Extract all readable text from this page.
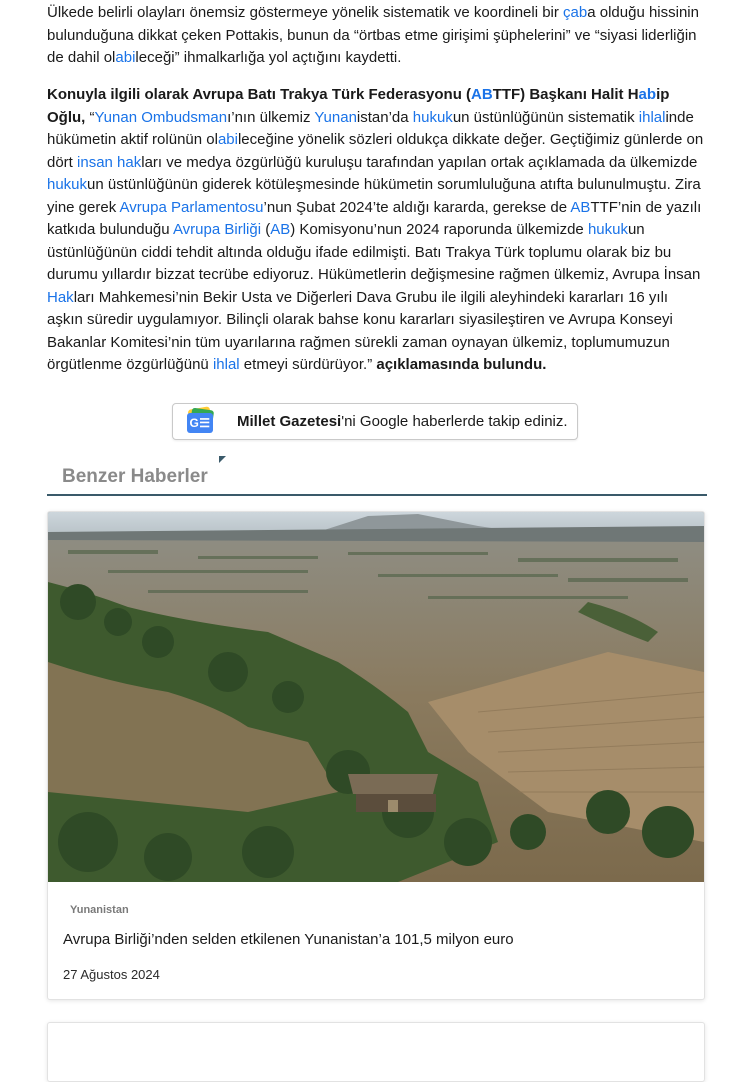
Ülkede belirli olayları önemsiz göstermeye yönelik sistematik ve koordineli bir çaba olduğu hissinin bulunduğuna dikkat çeken Pottakis, bunun da “örtbas etme girişimi şüphelerini” ve “siyasi liderliğin de dahil olabileceği” ihmalkarlığa yol açtığını kaydetti.

Konuyla ilgili olarak Avrupa Batı Trakya Türk Federasyonu (ABTTF) Başkanı Halit Habip Oğlu, “Yunan Ombudsmanı’nın ülkemiz Yunanistan’da hukukun üstünlüğünün sistematik ihlalinde hükümetin aktif rolünün olabileceğine yönelik sözleri oldukça dikkate değer. Geçtiğimiz günlerde on dört insan hakları ve medya özgürlüğü kuruluşu tarafından yapılan ortak açıklamada da ülkemizde hukukun üstünlüğünün giderek kötüleşmesinde hükümetin sorumluluğuna atıfta bulunulmuştu. Zira yine gerek Avrupa Parlamentosu’nun Şubat 2024’te aldığı kararda, gerekse de ABTTF’nin de yazılı katkıda bulunduğu Avrupa Birliği (AB) Komisyonu’nun 2024 raporunda ülkemizde hukukun üstünlüğünün ciddi tehdit altında olduğu ifade edilmişti. Batı Trakya Türk toplumu olarak biz bu durumu yıllardır bizzat tecrübe ediyoruz. Hükümetlerin değişmesine rağmen ülkemiz, Avrupa İnsan Hakları Mahkemesi’nin Bekir Usta ve Diğerleri Dava Grubu ile ilgili aleyhindeki kararları 16 yılı aşkın süredir uygulamıyor. Bilinçli olarak bahse konu kararları siyasileştiren ve Avrupa Konseyi Bakanlar Komitesi’nin tüm uyarılarına rağmen sürekli zaman oynayan ülkemiz, toplumumuzun örgütlenme özgürlüğünü ihlal etmeyi sürdürüyor.” açıklamasında bulundu.

G☰ Millet Gazetesi'ni Google haberlerde takip ediniz.
Benzer Haberler
Yunanistan
Avrupa Birliği’nden selden etkilenen Yunanistan’a 101,5 milyon euro
27 Ağustos 2024
